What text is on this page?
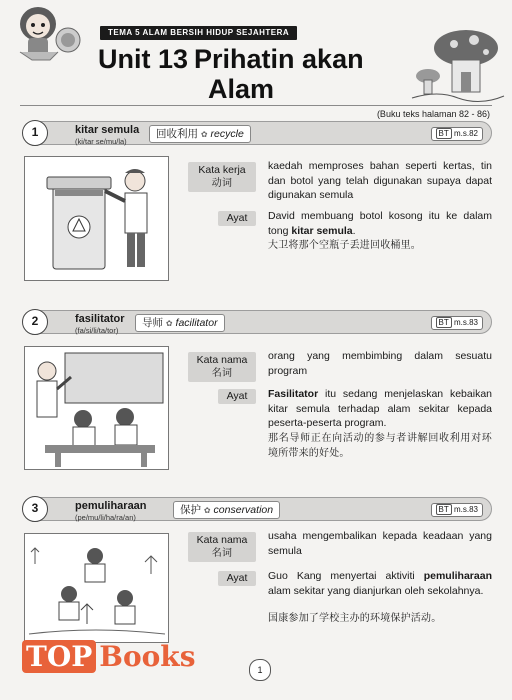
TEMA 5 ALAM BERSIH HIDUP SEJAHTERA
Unit 13 Prihatin akan
Alam
(Buku teks halaman 82 - 86)
1	kitar semula
(ki/tar se/mu/la)
回收利用 ✿ recycle	BT m.s.82
Kata kerja
动词
kaedah memproses bahan seperti kertas, tin dan botol yang telah digunakan supaya dapat digunakan semula
Ayat	David membuang botol kosong itu ke dalam tong kitar semula.
大卫将那个空瓶子丢进回收桶里。
2	fasilitator
(fa/si/li/ta/tor)
导师 ✿ facilitator	BT m.s.83
Kata nama
名词
orang yang membimbing dalam sesuatu program
Ayat	Fasilitator itu sedang menjelaskan kebaikan kitar semula terhadap alam sekitar kepada peserta-peserta program.
那名导师正在向活动的参与者讲解回收利用对环境所带来的好处。
3	pemuliharaan
(pe/mu/li/ha/ra/an)
保护 ✿ conservation	BT m.s.83
Kata nama
名词
usaha mengembalikan kepada keadaan yang semula
Ayat	Guo Kang menyertai aktiviti pemuliharaan alam sekitar yang dianjurkan oleh sekolahnya.
国康参加了学校主办的环境保护活动。
1
TOP Books
